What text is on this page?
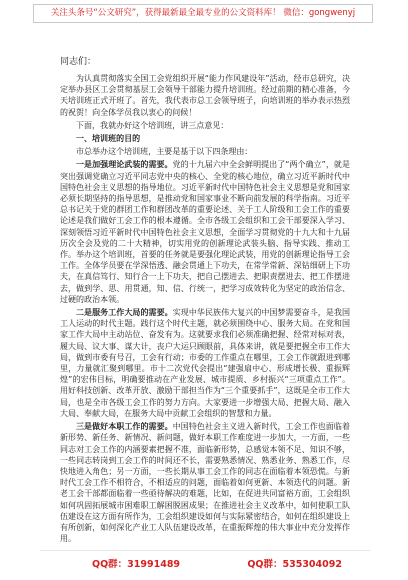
关注头条号“公文研究”，获得最新最全最专业的公文资料库！ 微信：gongwenyj
同志们：

为认真贯彻落实全国工会党组织开展“能力作风建设年”活动，经市总研究，决定举办县区工会贯彻基层工会领导干部能力提升培训班。经过前期的精心准备，今天培训班正式开班了。首先，我代表市总工会领导班子，向培训班的举办表示热烈的祝贺！向全体学员我以衷心的问候！

下面，我就办好这个培训班，讲三点意见：

一、培训班的目的

市总举办这个培训班，主要是基于以下四条理由：

一是加强理论武装的需要。党的十九届六中全会鲜明提出了“两个确立”，就是突出强调党确立习近平同志党中央的核心、全党的核心地位，确立习近平新时代中国特色社会主义思想的指导地位。习近平新时代中国特色社会主义思想是党和国家必须长期坚持的指导思想，是推动党和国家事业不断向前发展的科学指南。习近平总书记关于党的群团工作和群团改革的重要论述、关于工人阶级和工会工作的重要论述是我们做好工会工作的根本遵循。全市各级工会组织和工会干部要深入学习、深刻领悟习近平新时代中国特色社会主义思想，全面学习贯彻党的十九大和十九届历次全会及党的二十大精神，切实用党的创新理论武装头脑、指导实践、推动工作。举办这个培训班，首要的任务就是要强化理论武装，用党的创新理论指导工会工作。全体学员要在学深悟透、融会贯通上下功夫，在常学常新、深钻细研上下功夫，在真信笃行、知行合一上下功夫，把自己摆进去、把职责摆进去、把工作摆进去，做到学、思、用贯通，知、信、行统一，把学习成效转化为坚定的政治信念、过硬的政治本领。

二是服务工作大局的需要。实现中华民族伟大复兴的中国梦需要奋斗，是我国工人运动的时代主题。践行这个时代主题，就必须围绕中心、服务大局。在党和国家工作大局中主动站位、奋发有为。这就要求我们必须准确把握、经常对标对表，履大局、议大事、谋大计，丧户大运只顾眼前，具体来讲，就是要把握全市工作大局，做到市委有号召，工会有行动；市委的工作重点在哪里，工会工作就跟进到哪里，力量就汇聚到哪里。市十二次党代会提出“建强扇中心、形成增长极、重振辉煌”的宏伟目标，明确要推动在产业发展、城市提质、乡村振兴“三项重点工作”。用好科技创新、改革开放、激励干部担当作为“三个重要抓手”，这既是全市工作大局，也是全市各级工会工作的努力方向。大家要进一步增强大局、把握大局、融入大局、奉献大局，在服务大局中贡献工会组织的智慧和力量。

三是做好本职工作的需要。中国特色社会主义进入新时代，工会工作也面临着新形势、新任务、新情况、新问题，做好本职工作难度进一步加大，一方面，一些同志对工会工作的内涵要素把握不准，面临新形势，总感觉本领不足、知识不够，一些同志转岗到工会工作的时间还不长，需要熟悉情况、熟悉业务、熟悉工作，尽快地进入角色；另一方面，一些长期从事工会工作的同志在面临着本领恐慌。与新时代工会工作不相符合，不相适应的问题，面临着如何更新、本领迭代的问题。新老工会干部都面临着一些亟待解决的难题，比如，在促进共同富裕方面，工会组织如何巩固拓展城市困难职工解困脱困成果；在推进社会主义改革中，如何使职工队伍建设在这方面有所作为，工会组织建设如何与实际紧密结合，如何在组织建设上有所创新，如何深化产业工人队伍建设改革，在重振辉煌的伟大事业中充分发挥作用。

QQ群：31991489	QQ群：535304092
